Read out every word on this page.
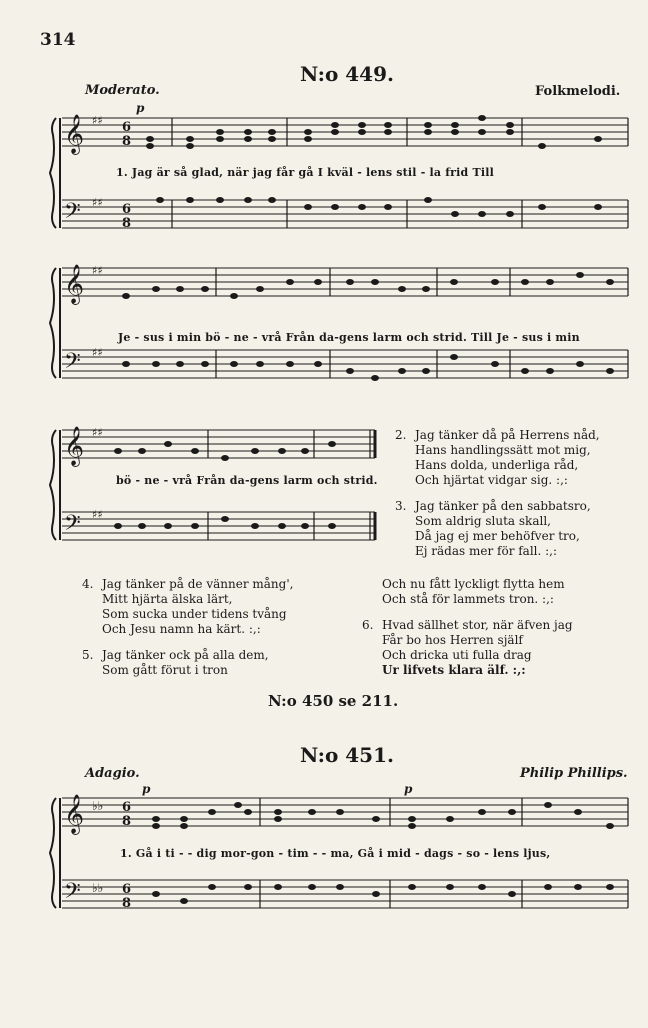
314
N:o 449.
Moderato.	Folkmelodi.
𝄞
𝄢
♯♯
♯♯
6
8
6
8
p
1. Jag är så glad, när jag får gå I kväl - lens stil - la frid Till
𝄞
𝄢
♯♯
♯♯
Je - sus i min bö - ne - vrå Från da-gens larm och strid. Till Je - sus i min
𝄞
𝄢
♯♯
♯♯
bö - ne - vrå Från da-gens larm och strid.
2. Jag tänker då på Herrens nåd,
Hans handlingssätt mot mig,
Hans dolda, underliga råd,
Och hjärtat vidgar sig. :,:
3. Jag tänker på den sabbatsro,
Som aldrig sluta skall,
Då jag ej mer behöfver tro,
Ej rädas mer för fall. :,:
4. Jag tänker på de vänner mång',
Mitt hjärta älska lärt,
Som sucka under tidens tvång
Och Jesu namn ha kärt. :,:
5. Jag tänker ock på alla dem,
Som gått förut i tron
Och nu fått lyckligt flytta hem
Och stå för lammets tron. :,:
6. Hvad sällhet stor, när äfven jag
Får bo hos Herren själf
Och dricka uti fulla drag
Ur lifvets klara älf. :,:
N:o 450 se 211.
N:o 451.
Adagio.	Philip Phillips.
𝄞
𝄢
♭♭
♭♭
6
8
6
8
p	p
1. Gå i ti - - dig mor-gon - tim - - ma, Gå i mid - dags - so - lens ljus,
